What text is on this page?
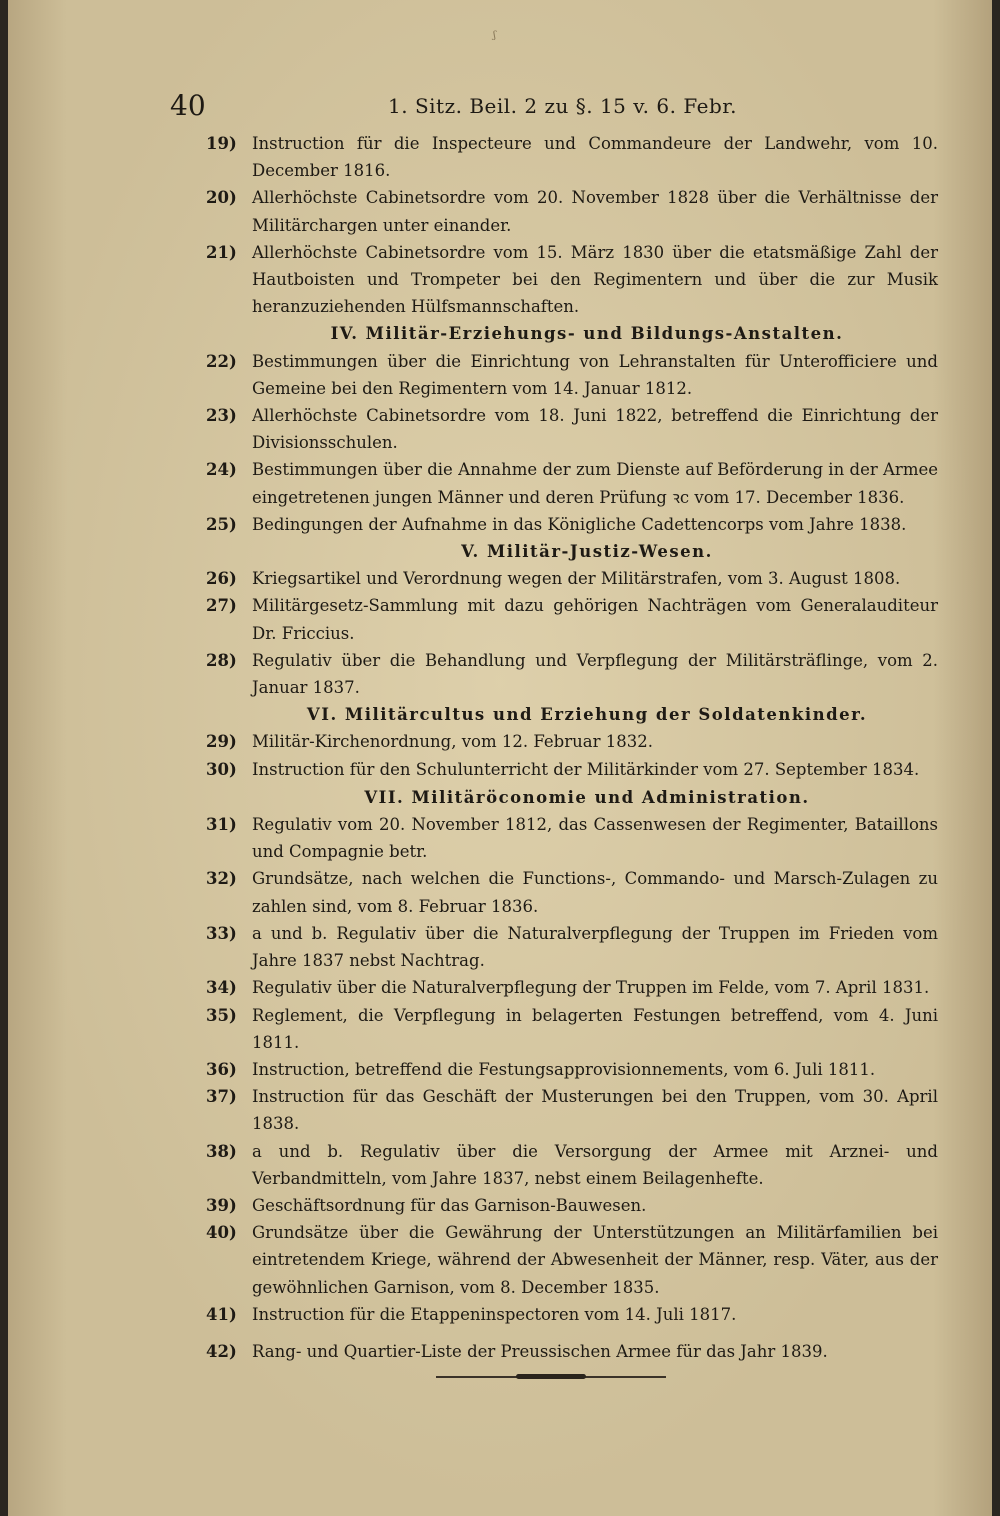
ᶴ
40	1. Sitz. Beil. 2 zu §. 15 v. 6. Febr.
19) Instruction für die Inspecteure und Commandeure der Landwehr, vom 10. December 1816.
20) Allerhöchste Cabinetsordre vom 20. November 1828 über die Verhältnisse der Militärchargen unter einander.
21) Allerhöchste Cabinetsordre vom 15. März 1830 über die etatsmäßige Zahl der Hautboisten und Trompeter bei den Regimentern und über die zur Musik heranzuziehenden Hülfsmannschaften.
IV. Militär-Erziehungs- und Bildungs-Anstalten.
22) Bestimmungen über die Einrichtung von Lehranstalten für Unterofficiere und Gemeine bei den Regimentern vom 14. Januar 1812.
23) Allerhöchste Cabinetsordre vom 18. Juni 1822, betreffend die Einrichtung der Divisionsschulen.
24) Bestimmungen über die Annahme der zum Dienste auf Beförderung in der Armee eingetretenen jungen Männer und deren Prüfung ꝛc vom 17. December 1836.
25) Bedingungen der Aufnahme in das Königliche Cadettencorps vom Jahre 1838.
V. Militär-Justiz-Wesen.
26) Kriegsartikel und Verordnung wegen der Militärstrafen, vom 3. August 1808.
27) Militärgesetz-Sammlung mit dazu gehörigen Nachträgen vom Generalauditeur Dr. Friccius.
28) Regulativ über die Behandlung und Verpflegung der Militärsträflinge, vom 2. Januar 1837.
VI. Militärcultus und Erziehung der Soldatenkinder.
29) Militär-Kirchenordnung, vom 12. Februar 1832.
30) Instruction für den Schulunterricht der Militärkinder vom 27. September 1834.
VII. Militäröconomie und Administration.
31) Regulativ vom 20. November 1812, das Cassenwesen der Regimenter, Bataillons und Compagnie betr.
32) Grundsätze, nach welchen die Functions-, Commando- und Marsch-Zulagen zu zahlen sind, vom 8. Februar 1836.
33) a und b. Regulativ über die Naturalverpflegung der Truppen im Frieden vom Jahre 1837 nebst Nachtrag.
34) Regulativ über die Naturalverpflegung der Truppen im Felde, vom 7. April 1831.
35) Reglement, die Verpflegung in belagerten Festungen betreffend, vom 4. Juni 1811.
36) Instruction, betreffend die Festungsapprovisionnements, vom 6. Juli 1811.
37) Instruction für das Geschäft der Musterungen bei den Truppen, vom 30. April 1838.
38) a und b. Regulativ über die Versorgung der Armee mit Arznei- und Verbandmitteln, vom Jahre 1837, nebst einem Beilagenhefte.
39) Geschäftsordnung für das Garnison-Bauwesen.
40) Grundsätze über die Gewährung der Unterstützungen an Militärfamilien bei eintretendem Kriege, während der Abwesenheit der Männer, resp. Väter, aus der gewöhnlichen Garnison, vom 8. December 1835.
41) Instruction für die Etappeninspectoren vom 14. Juli 1817.
42) Rang- und Quartier-Liste der Preussischen Armee für das Jahr 1839.
